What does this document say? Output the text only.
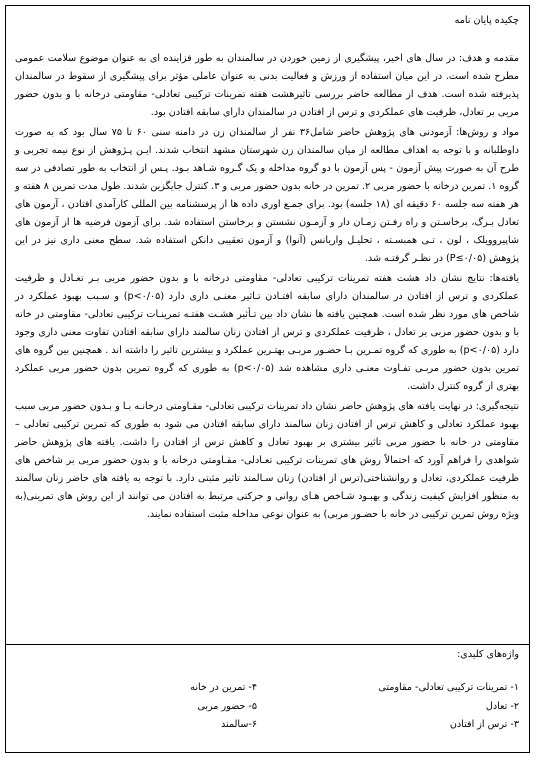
چکیده پایان نامه

مقدمه و هدف: در سال های اخیر، پیشگیری از زمین خوردن در سالمندان به طور فزاینده ای به عنوان موضوع سلامت عمومی مطرح شده است. در این میان استفاده از ورزش و فعالیت بدنی به عنوان عاملی مؤثر برای پیشگیری از سقوط در سالمندان پذیرفته شده است. هدف از مطالعه حاضر بررسی تاثیرهشت هفته تمرینات ترکیبی تعادلی- مقاومتی درخانه با و بدون حضور مربی بر تعادل، ظرفیت های عملکردی و ترس از افتادن در سالمندان دارای سابقه افتادن بود.

مواد و روش‌ها: آزمودنی های پژوهش حاضر شامل۳۶ نفر از سالمندان زن در دامنه سنی ۶۰ تا ۷۵ سال بود که به صورت داوطلبانه و با توجه به اهداف مطالعه از میان سالمندان زن شهرستان مشهد انتخاب شدند. ایـن پـژوهش از نوع نیمه تجربی و طرح آن به صورت پیش آزمون - پس آزمون با دو گروه مداخله و یک گـروه شـاهد بـود. پـس از انتخاب به طور تصادفی در سه گروه ۱. تمرین درخانه با حضور مربی ۲. تمرین در خانه بدون حضور مربی و ۳. کنترل جایگزین شدند. طول مدت تمرین ۸ هفته و هر هفته سه جلسه ۶۰ دقیقه ای (۱۸ جلسه) بود. برای جمـع اوری داده ها از پرسشنامه بین المللی کارآمدی افتادن ، آزمون های تعادل بـرگ، برخاسـتن و راه رفـتن زمـان دار و آزمـون نشستن و برخاستن استفاده شد. برای آزمون فرضیه ها از آزمون های شاپیرو‌ویلک ، لون ، تـی همبسـته ، تحلیـل واریانس (آنوا) و آزمون تعقیبی دانکن استفاده شد. سطح معنی داری نیز در این پژوهش (P≤۰/۰۵) در نظـر گرفتـه شد.

یافته‌ها: نتایج نشان داد هشت هفته تمرینات ترکیبی تعادلی- مقاومتی درخانه با و بدون حضور مربی بـر تعـادل و ظرفیت عملکردی و ترس از افتادن در سالمندان دارای سابقه افتـادن تـاثیر معنـی داری دارد (p<۰/۰۵) و سـبب بهبود عملکرد در شاخص های مورد نظر شده است. همچنین یافته ها نشان داد بین تـأثیر هشـت هفتـه تمرینـات ترکیبی تعادلی- مقاومتی در خانه با و بدون حضور مربی بر تعادل ، ظرفیت عملکردی و ترس از افتادن زنان سالمند دارای سابقه افتادن تفاوت معنی داری وجود دارد (p<۰/۰۵) به طوری که گروه تمـرین بـا حضـور مربـی بهتـرین عملکرد و بیشترین تاثیر را داشته اند . همچنین بین گروه های تمرین بدون حضور مربـی تفـاوت معنـی داری مشاهده شد (p<۰/۰۵) به طوری که گروه تمرین بدون حضور مربی عملکرد بهتری از گروه کنترل داشت.

نتیجه‌گیری: در نهایت یافته های پژوهش حاضر نشان داد تمرینات ترکیبی تعادلی- مقـاومتی درخانـه بـا و بـدون حضور مربی سبب بهبود عملکرد تعادلی و کاهش ترس از افتادن زنان سالمند دارای سابقه افتادن می شود به طوری که تمرین ترکیبی تعادلی – مقاومتی در خانه با حضور مربی تاثیر بیشتری بر بهبود تعادل و کاهش ترس از افتادن را داشت. یافته های پژوهش حاضر شواهدی را فراهم آورد که احتمالاً روش های تمرینات ترکیبی تعـادلی- مقـاومتی درخانه با و بدون حضور مربی بر شاخص های ظرفیت عملکردی، تعادل و روانشناختی(ترس از افتادن) زنان سـالمند تاثیر مثبتی دارد. با توجه به یافته های حاضر زنان سالمند به منظور افزایش کیفیت زندگی و بهبـود شـاخص هـای روانی و حرکتی مرتبط به افتادن می توانند از این روش های تمرینی(به ویژه روش تمرین ترکیبی در خانه با حضـور مربی) به عنوان نوعی مداخله مثبت استفاده نمایند.

واژه‌های کلیدی:
۱- تمرینات ترکیبی تعادلی- مقاومتی
۲- تعادل
۳- ترس از افتادن
۴- تمرین در خانه
۵- حضور مربی
۶-سالمند
